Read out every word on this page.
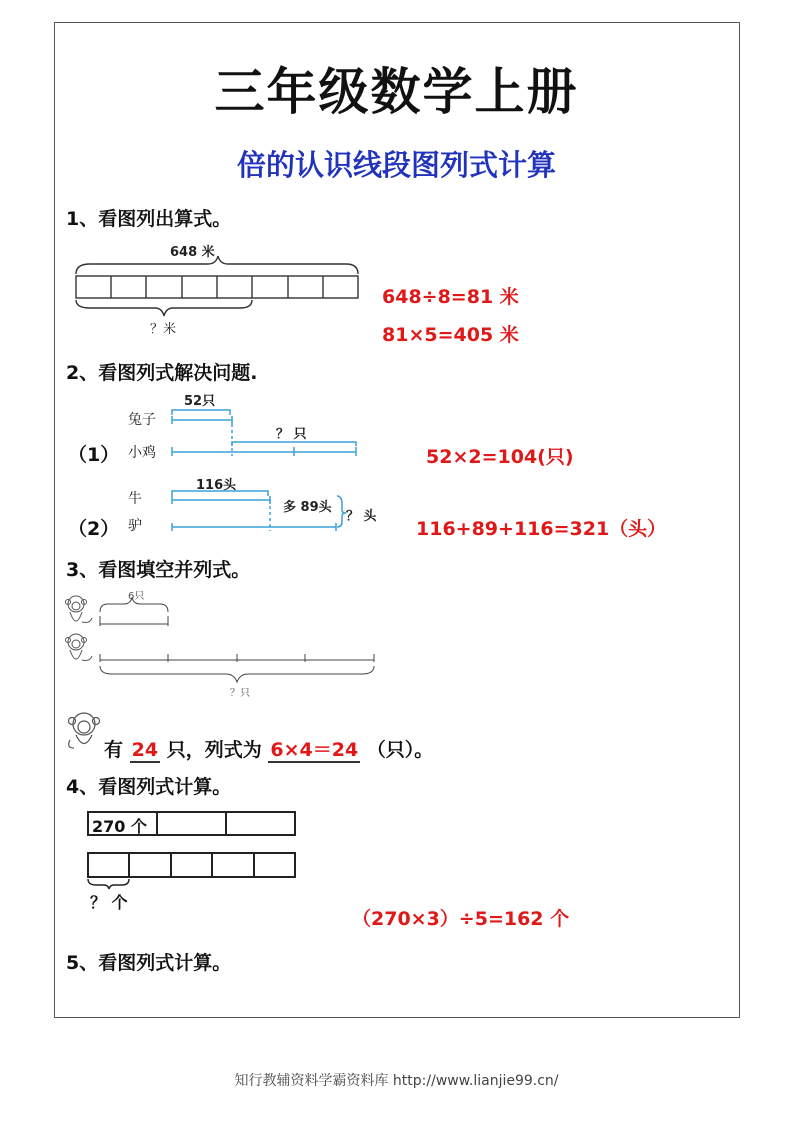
三年级数学上册
倍的认识线段图列式计算
1、看图列出算式。
648 米
？米
648÷8=81 米
81×5=405 米
2、看图列式解决问题.
52只
兔子
小鸡
（1）
？ 只
52×2=104(只)
116头
牛
驴
（2）
多 89头
？ 头
116+89+116=321（头）
3、看图填空并列式。
6只
？只
有 24 只，列式为 6×4＝24 （只）。
4、看图列式计算。
270 个
？ 个
（270×3）÷5=162 个
5、看图列式计算。
知行教辅资料学霸资料库 http://www.lianjie99.cn/
